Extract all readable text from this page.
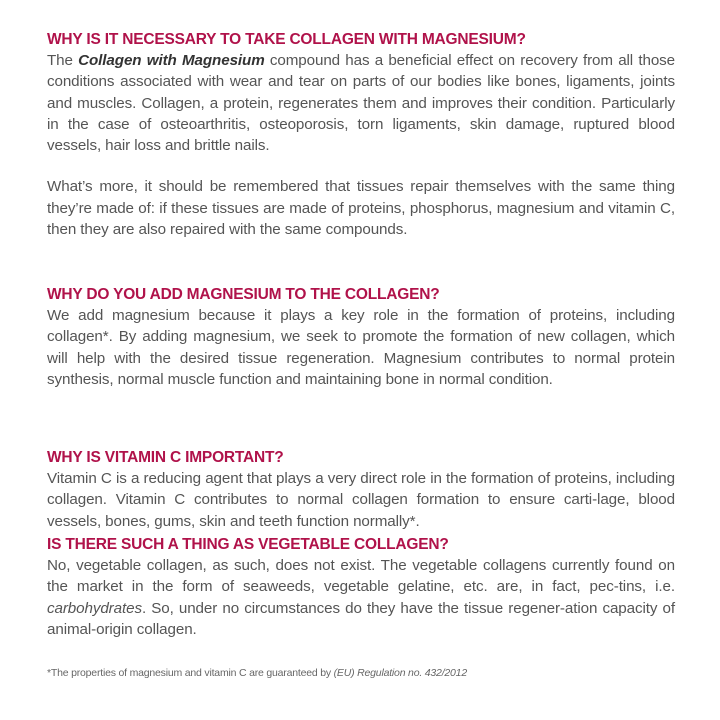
WHY IS IT NECESSARY TO TAKE COLLAGEN WITH MAGNESIUM?

The Collagen with Magnesium compound has a beneficial effect on recovery from all those conditions associated with wear and tear on parts of our bodies like bones, ligaments, joints and muscles. Collagen, a protein, regenerates them and improves their condition. Particularly in the case of osteoarthritis, osteoporosis, torn ligaments, skin damage, ruptured blood vessels, hair loss and brittle nails.

What’s more, it should be remembered that tissues repair themselves with the same thing they’re made of: if these tissues are made of proteins, phosphorus, magnesium and vitamin C, then they are also repaired with the same compounds.

WHY DO YOU ADD MAGNESIUM TO THE COLLAGEN?

We add magnesium because it plays a key role in the formation of proteins, including collagen*. By adding magnesium, we seek to promote the formation of new collagen, which will help with the desired tissue regeneration. Magnesium contributes to normal protein synthesis, normal muscle function and maintaining bone in normal condition.

WHY IS VITAMIN C IMPORTANT?

Vitamin C is a reducing agent that plays a very direct role in the formation of proteins, including collagen. Vitamin C contributes to normal collagen formation to ensure carti-lage, blood vessels, bones, gums, skin and teeth function normally*.

IS THERE SUCH A THING AS VEGETABLE COLLAGEN?

No, vegetable collagen, as such, does not exist. The vegetable collagens currently found on the market in the form of seaweeds, vegetable gelatine, etc. are, in fact, pec-tins, i.e. carbohydrates. So, under no circumstances do they have the tissue regener-ation capacity of animal-origin collagen.

*The properties of magnesium and vitamin C are guaranteed by (EU) Regulation no. 432/2012
